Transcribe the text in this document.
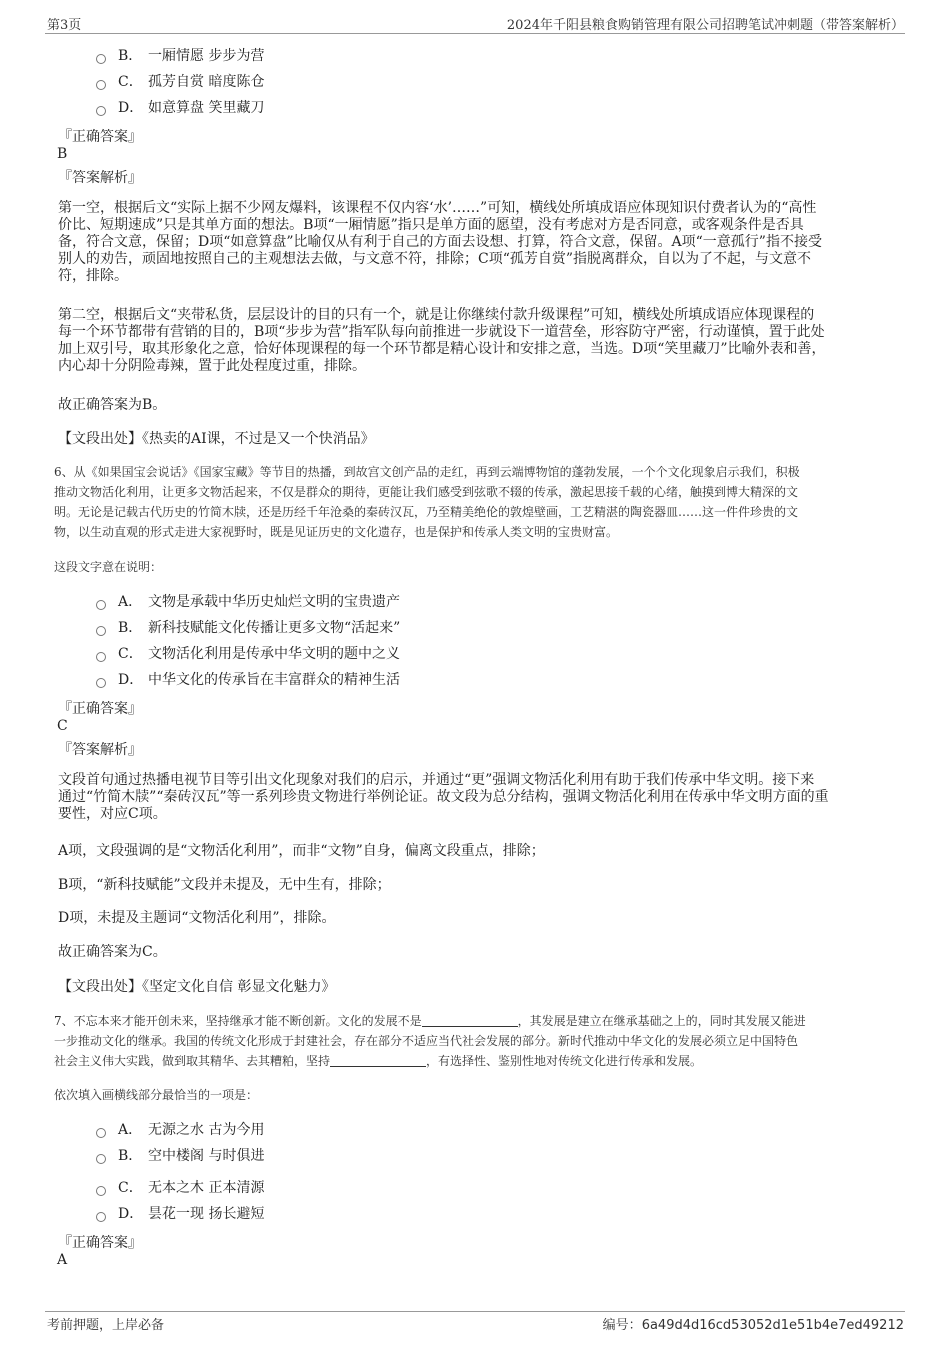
第3页	2024年千阳县粮食购销管理有限公司招聘笔试冲刺题（带答案解析）
B． 一厢情愿 步步为营
C． 孤芳自赏 暗度陈仓
D． 如意算盘 笑里藏刀
『正确答案』
B
『答案解析』
第一空，根据后文“实际上据不少网友爆料，该课程不仅内容‘水’……”可知，横线处所填成语应体现知识付费者认为的“高性
价比、短期速成”只是其单方面的想法。B项“一厢情愿”指只是单方面的愿望，没有考虑对方是否同意，或客观条件是否具
备，符合文意，保留；D项“如意算盘”比喻仅从有利于自己的方面去设想、打算，符合文意，保留。A项“一意孤行”指不接受
别人的劝告，顽固地按照自己的主观想法去做，与文意不符，排除；C项“孤芳自赏”指脱离群众，自以为了不起，与文意不
符，排除。
第二空，根据后文“夹带私货，层层设计的目的只有一个，就是让你继续付款升级课程”可知，横线处所填成语应体现课程的
每一个环节都带有营销的目的，B项“步步为营”指军队每向前推进一步就设下一道营垒，形容防守严密，行动谨慎，置于此处
加上双引号，取其形象化之意，恰好体现课程的每一个环节都是精心设计和安排之意，当选。D项“笑里藏刀”比喻外表和善，
内心却十分阴险毒辣，置于此处程度过重，排除。
故正确答案为B。
【文段出处】《热卖的AI课，不过是又一个快消品》
6、从《如果国宝会说话》《国家宝藏》等节目的热播，到故宫文创产品的走红，再到云端博物馆的蓬勃发展，一个个文化现象启示我们，积极
推动文物活化利用，让更多文物活起来，不仅是群众的期待，更能让我们感受到弦歌不辍的传承，激起思接千载的心绪，触摸到博大精深的文
明。无论是记载古代历史的竹简木牍，还是历经千年沧桑的秦砖汉瓦，乃至精美绝伦的敦煌壁画，工艺精湛的陶瓷器皿……这一件件珍贵的文
物，以生动直观的形式走进大家视野时，既是见证历史的文化遗存，也是保护和传承人类文明的宝贵财富。
这段文字意在说明：
A． 文物是承载中华历史灿烂文明的宝贵遗产
B． 新科技赋能文化传播让更多文物“活起来”
C． 文物活化利用是传承中华文明的题中之义
D． 中华文化的传承旨在丰富群众的精神生活
『正确答案』
C
『答案解析』
文段首句通过热播电视节目等引出文化现象对我们的启示，并通过“更”强调文物活化利用有助于我们传承中华文明。接下来
通过“竹简木牍”“秦砖汉瓦”等一系列珍贵文物进行举例论证。故文段为总分结构，强调文物活化利用在传承中华文明方面的重
要性，对应C项。
A项，文段强调的是“文物活化利用”，而非“文物”自身，偏离文段重点，排除；
B项，“新科技赋能”文段并未提及，无中生有，排除；
D项，未提及主题词“文物活化利用”，排除。
故正确答案为C。
【文段出处】《坚定文化自信 彰显文化魅力》
7、不忘本来才能开创未来，坚持继承才能不断创新。文化的发展不是	，其发展是建立在继承基础之上的，同时其发展又能进
一步推动文化的继承。我国的传统文化形成于封建社会，存在部分不适应当代社会发展的部分。新时代推动中华文化的发展必须立足中国特色
社会主义伟大实践，做到取其精华、去其糟粕，坚持	，有选择性、鉴别性地对传统文化进行传承和发展。
依次填入画横线部分最恰当的一项是：
A． 无源之水 古为今用
B． 空中楼阁 与时俱进
C． 无本之木 正本清源
D． 昙花一现 扬长避短
『正确答案』
A
考前押题，上岸必备	编号：6a49d4d16cd53052d1e51b4e7ed49212
